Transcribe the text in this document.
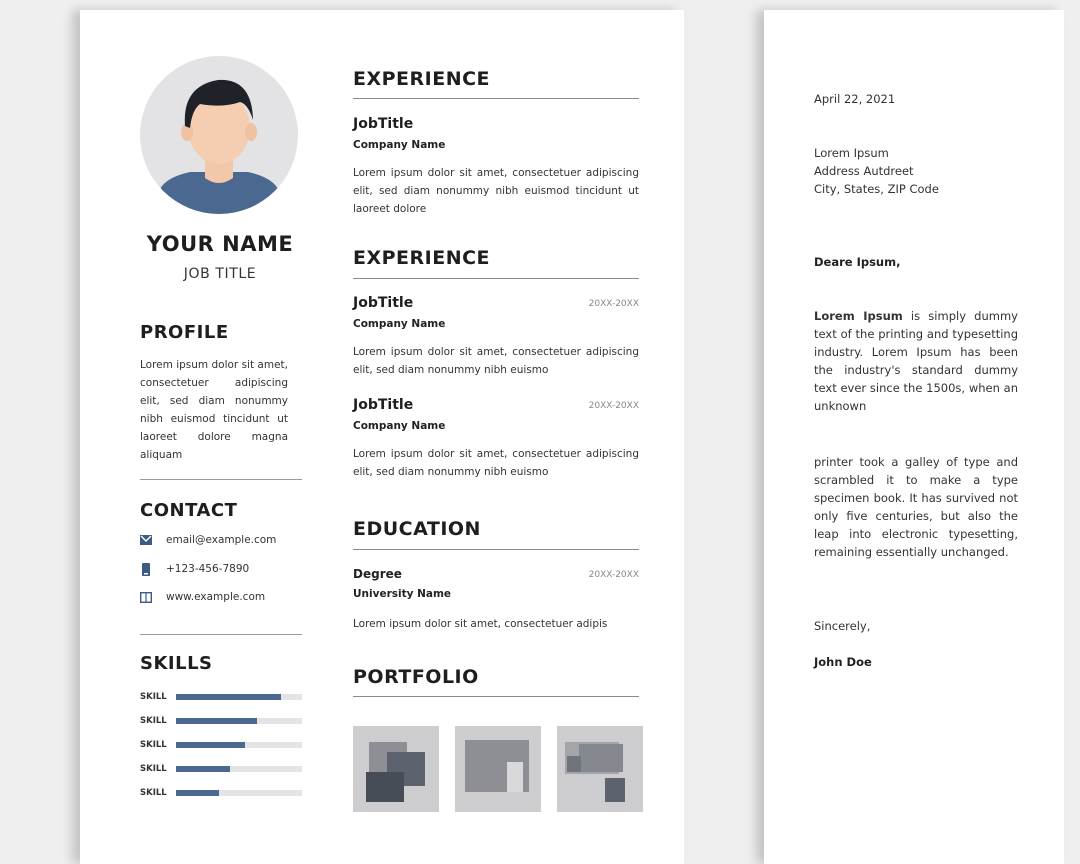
YOUR NAME
JOB TITLE
PROFILE
Lorem ipsum dolor sit amet, consectetuer adipiscing elit, sed diam nonummy nibh euismod tincidunt ut laoreet dolore magna aliquam
CONTACT
email@example.com
+123-456-7890
www.example.com
SKILLS
SKILL
SKILL
SKILL
SKILL
SKILL
EXPERIENCE
JobTitle
Company Name
Lorem ipsum dolor sit amet, consectetuer adipiscing elit, sed diam nonummy nibh euismod tincidunt ut laoreet dolore
EXPERIENCE
JobTitle	20XX-20XX
Company Name
Lorem ipsum dolor sit amet, consectetuer adipiscing elit, sed diam nonummy nibh euismo
JobTitle	20XX-20XX
Company Name
Lorem ipsum dolor sit amet, consectetuer adipiscing elit, sed diam nonummy nibh euismo
EDUCATION
Degree	20XX-20XX
University Name
Lorem ipsum dolor sit amet, consectetuer adipis
PORTFOLIO
April 22, 2021
Lorem Ipsum
Address Autdreet
City, States, ZIP Code
Deare Ipsum,
Lorem Ipsum is simply dummy text of the printing and typesetting industry. Lorem Ipsum has been the industry's standard dummy text ever since the 1500s, when an unknown
printer took a galley of type and scrambled it to make a type specimen book. It has survived not only five centuries, but also the leap into electronic typesetting, remaining essentially unchanged.
Sincerely,
John Doe
